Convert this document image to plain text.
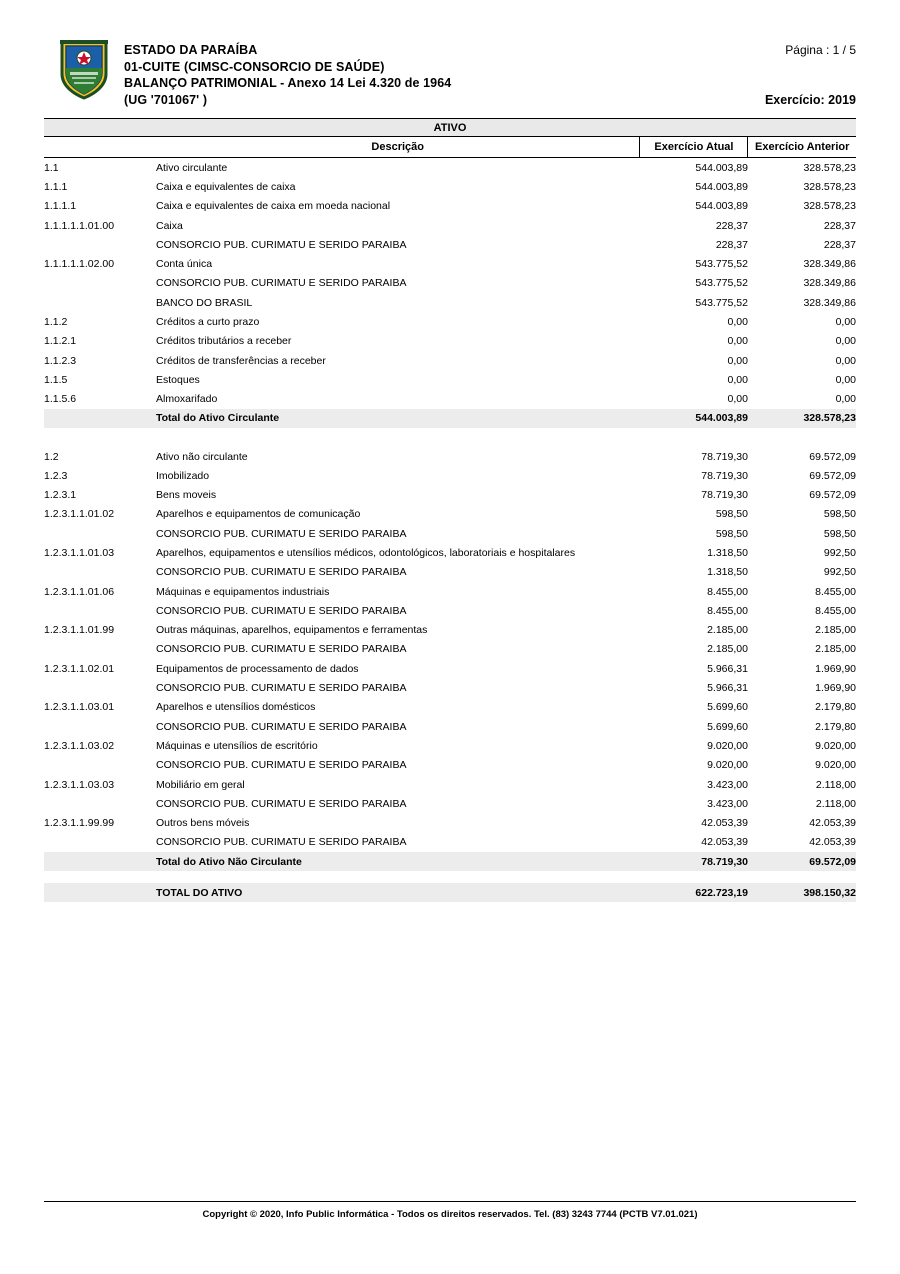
ESTADO DA PARAÍBA
01-CUITE (CIMSC-CONSORCIO DE SAÚDE)
BALANÇO PATRIMONIAL - Anexo 14 Lei 4.320 de 1964
(UG '701067' )
Página : 1 / 5
Exercício: 2019
ATIVO			
	Descrição	Exercício Atual	Exercício Anterior
1.1	Ativo circulante	544.003,89	328.578,23
1.1.1	Caixa e equivalentes de caixa	544.003,89	328.578,23
1.1.1.1	Caixa e equivalentes de caixa em moeda nacional	544.003,89	328.578,23
1.1.1.1.1.01.00	Caixa	228,37	228,37
	CONSORCIO PUB. CURIMATU E SERIDO PARAIBA	228,37	228,37
1.1.1.1.1.02.00	Conta única	543.775,52	328.349,86
	CONSORCIO PUB. CURIMATU E SERIDO PARAIBA	543.775,52	328.349,86
	BANCO DO BRASIL	543.775,52	328.349,86
1.1.2	Créditos a curto prazo	0,00	0,00
1.1.2.1	Créditos tributários a receber	0,00	0,00
1.1.2.3	Créditos de transferências a receber	0,00	0,00
1.1.5	Estoques	0,00	0,00
1.1.5.6	Almoxarifado	0,00	0,00
	Total do Ativo Circulante	544.003,89	328.578,23

1.2	Ativo não circulante	78.719,30	69.572,09
1.2.3	Imobilizado	78.719,30	69.572,09
1.2.3.1	Bens moveis	78.719,30	69.572,09
1.2.3.1.1.01.02	Aparelhos e equipamentos de comunicação	598,50	598,50
	CONSORCIO PUB. CURIMATU E SERIDO PARAIBA	598,50	598,50
1.2.3.1.1.01.03	Aparelhos, equipamentos e utensílios médicos, odontológicos, laboratoriais e hospitalares	1.318,50	992,50
	CONSORCIO PUB. CURIMATU E SERIDO PARAIBA	1.318,50	992,50
1.2.3.1.1.01.06	Máquinas e equipamentos industriais	8.455,00	8.455,00
	CONSORCIO PUB. CURIMATU E SERIDO PARAIBA	8.455,00	8.455,00
1.2.3.1.1.01.99	Outras máquinas, aparelhos, equipamentos e ferramentas	2.185,00	2.185,00
	CONSORCIO PUB. CURIMATU E SERIDO PARAIBA	2.185,00	2.185,00
1.2.3.1.1.02.01	Equipamentos de processamento de dados	5.966,31	1.969,90
	CONSORCIO PUB. CURIMATU E SERIDO PARAIBA	5.966,31	1.969,90
1.2.3.1.1.03.01	Aparelhos e utensílios domésticos	5.699,60	2.179,80
	CONSORCIO PUB. CURIMATU E SERIDO PARAIBA	5.699,60	2.179,80
1.2.3.1.1.03.02	Máquinas e utensílios de escritório	9.020,00	9.020,00
	CONSORCIO PUB. CURIMATU E SERIDO PARAIBA	9.020,00	9.020,00
1.2.3.1.1.03.03	Mobiliário em geral	3.423,00	2.118,00
	CONSORCIO PUB. CURIMATU E SERIDO PARAIBA	3.423,00	2.118,00
1.2.3.1.1.99.99	Outros bens móveis	42.053,39	42.053,39
	CONSORCIO PUB. CURIMATU E SERIDO PARAIBA	42.053,39	42.053,39
	Total do Ativo Não Circulante	78.719,30	69.572,09

	TOTAL DO ATIVO	622.723,19	398.150,32
Copyright © 2020, Info Public Informática - Todos os direitos reservados. Tel. (83) 3243 7744 (PCTB V7.01.021)
